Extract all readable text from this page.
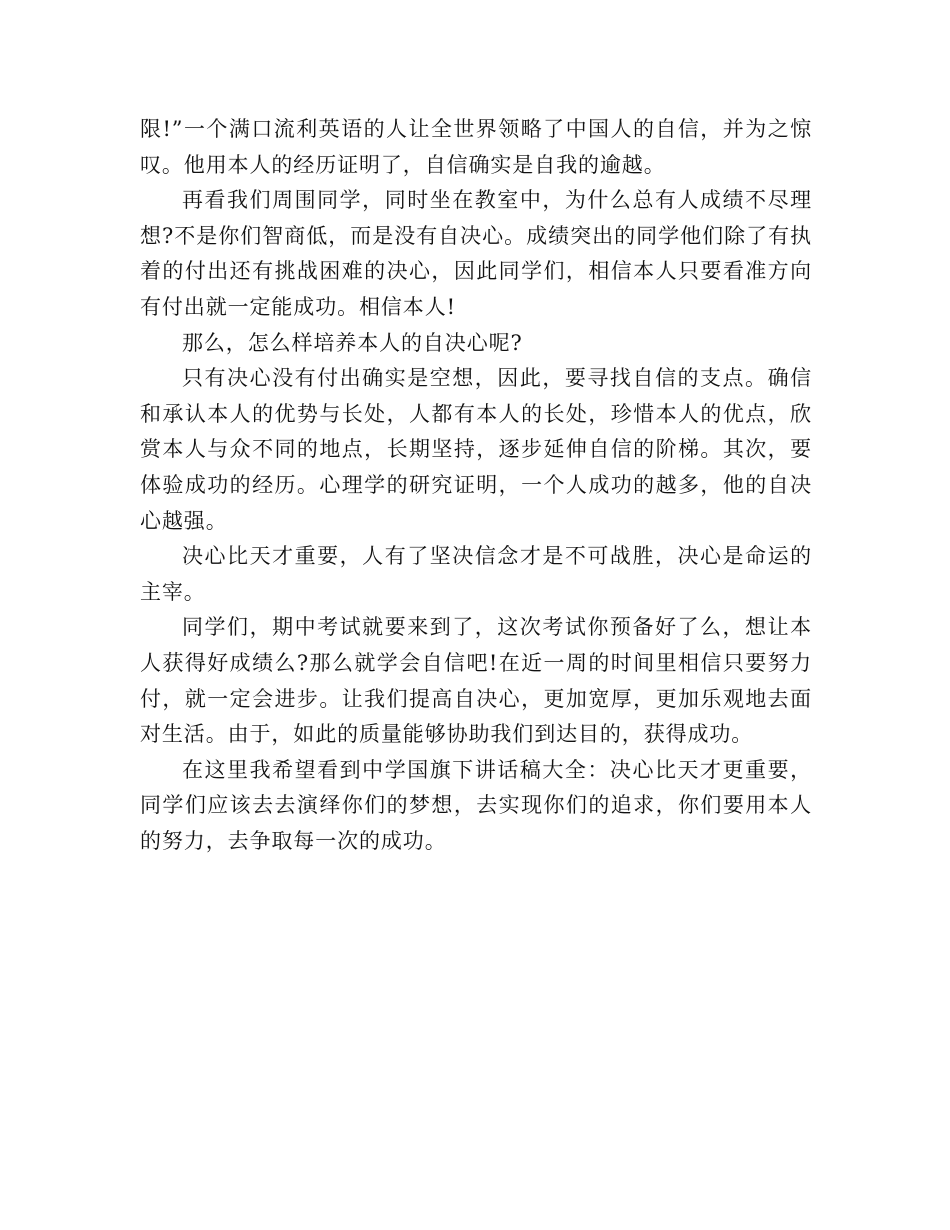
限!”一个满口流利英语的人让全世界领略了中国人的自信，并为之惊叹。他用本人的经历证明了，自信确实是自我的逾越。

再看我们周围同学，同时坐在教室中，为什么总有人成绩不尽理想?不是你们智商低，而是没有自决心。成绩突出的同学他们除了有执着的付出还有挑战困难的决心，因此同学们，相信本人只要看准方向有付出就一定能成功。相信本人!

那么，怎么样培养本人的自决心呢?

只有决心没有付出确实是空想，因此，要寻找自信的支点。确信和承认本人的优势与长处，人都有本人的长处，珍惜本人的优点，欣赏本人与众不同的地点，长期坚持，逐步延伸自信的阶梯。其次，要体验成功的经历。心理学的研究证明，一个人成功的越多，他的自决心越强。

决心比天才重要，人有了坚决信念才是不可战胜，决心是命运的主宰。

同学们，期中考试就要来到了，这次考试你预备好了么，想让本人获得好成绩么?那么就学会自信吧!在近一周的时间里相信只要努力付，就一定会进步。让我们提高自决心，更加宽厚，更加乐观地去面对生活。由于，如此的质量能够协助我们到达目的，获得成功。

在这里我希望看到中学国旗下讲话稿大全：决心比天才更重要，同学们应该去去演绎你们的梦想，去实现你们的追求，你们要用本人的努力，去争取每一次的成功。
